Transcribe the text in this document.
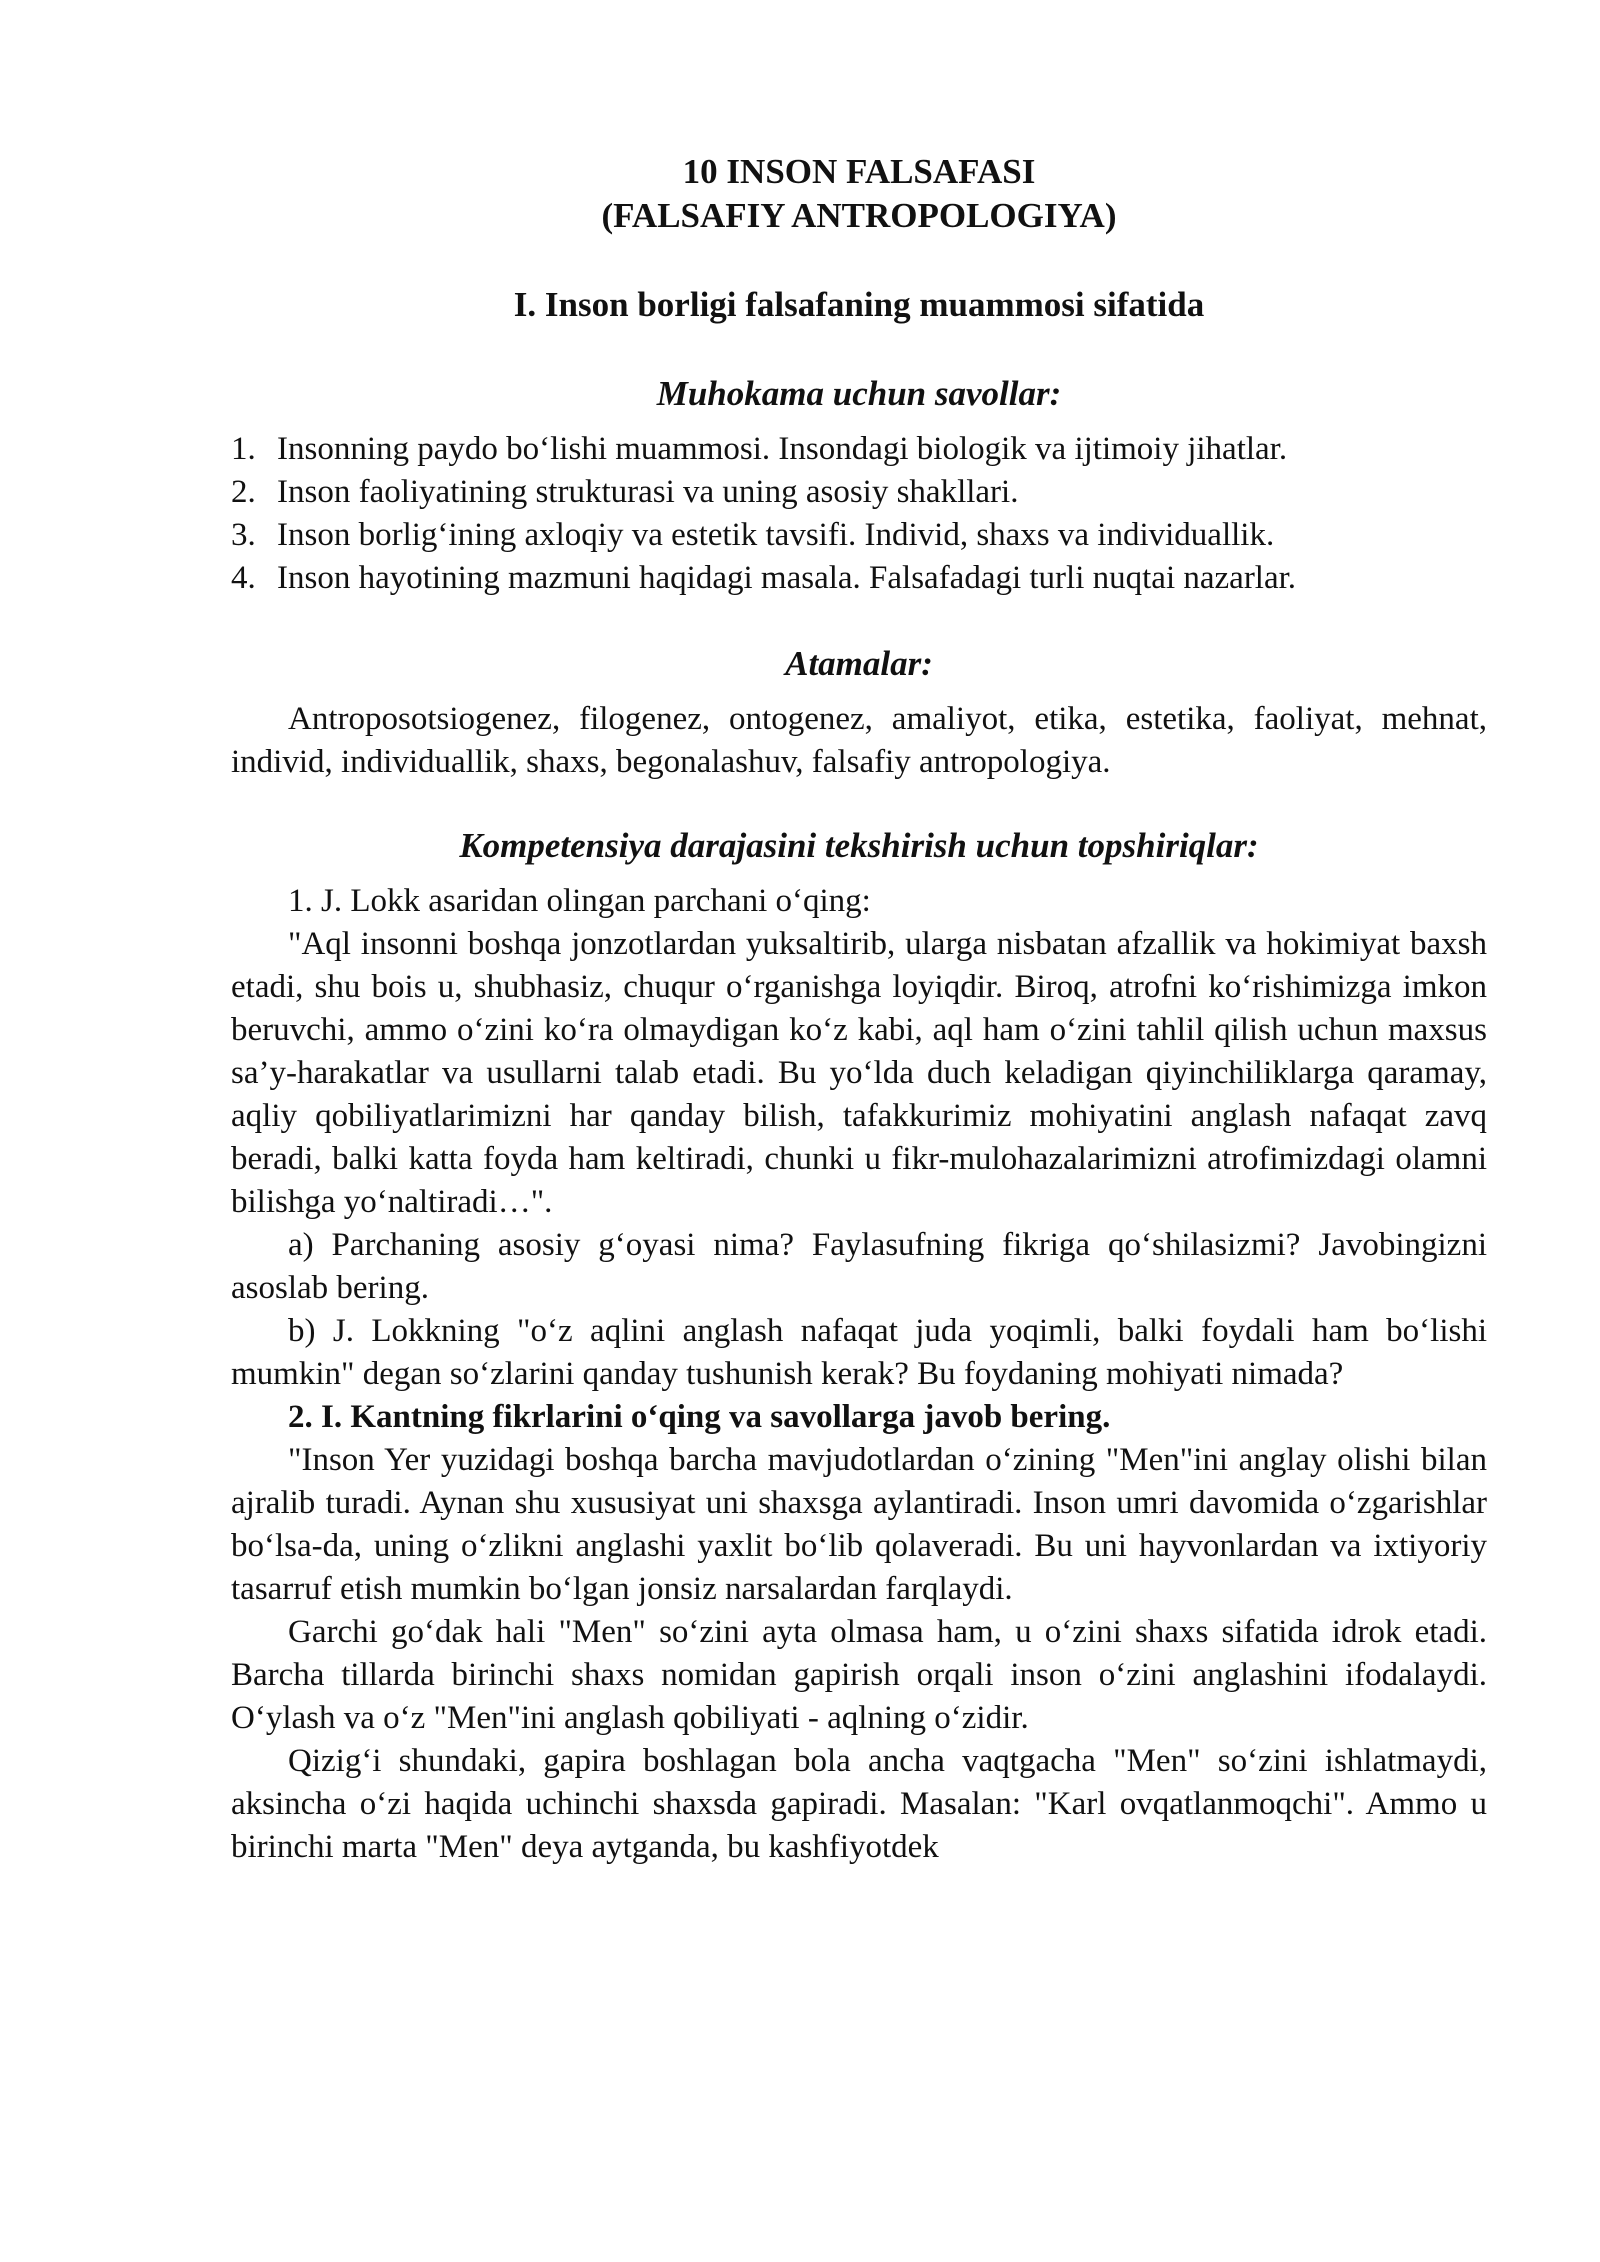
10 INSON FALSAFASI
(FALSAFIY ANTROPOLOGIYA)
I. Inson borligi falsafaning muammosi sifatida
Muhokama uchun savollar:
1. Insonning paydo bo‘lishi muammosi. Insondagi biologik va ijtimoiy jihatlar.
2. Inson faoliyatining strukturasi va uning asosiy shakllari.
3. Inson borlig‘ining axloqiy va estetik tavsifi. Individ, shaxs va individuallik.
4. Inson hayotining mazmuni haqidagi masala. Falsafadagi turli nuqtai nazarlar.
Atamalar:

Antroposotsiogenez, filogenez, ontogenez, amaliyot, etika, estetika, faoliyat, mehnat, individ, individuallik, shaxs, begonalashuv, falsafiy antropologiya.

Kompetensiya darajasini tekshirish uchun topshiriqlar:

1. J. Lokk asaridan olingan parchani o‘qing:

"Aql insonni boshqa jonzotlardan yuksaltirib, ularga nisbatan afzallik va hokimiyat baxsh etadi, shu bois u, shubhasiz, chuqur o‘rganishga loyiqdir. Biroq, atrofni ko‘rishimizga imkon beruvchi, ammo o‘zini ko‘ra olmaydigan ko‘z kabi, aql ham o‘zini tahlil qilish uchun maxsus sa’y-harakatlar va usullarni talab etadi. Bu yo‘lda duch keladigan qiyinchiliklarga qaramay, aqliy qobiliyatlarimizni har qanday bilish, tafakkurimiz mohiyatini anglash nafaqat zavq beradi, balki katta foyda ham keltiradi, chunki u fikr-mulohazalarimizni atrofimizdagi olamni bilishga yo‘naltiradi…".

a) Parchaning asosiy g‘oyasi nima? Faylasufning fikriga qo‘shilasizmi? Javobingizni asoslab bering.

b) J. Lokkning "o‘z aqlini anglash nafaqat juda yoqimli, balki foydali ham bo‘lishi mumkin" degan so‘zlarini qanday tushunish kerak? Bu foydaning mohiyati nimada?

2. I. Kantning fikrlarini o‘qing va savollarga javob bering.

"Inson Yer yuzidagi boshqa barcha mavjudotlardan o‘zining "Men"ini anglay olishi bilan ajralib turadi. Aynan shu xususiyat uni shaxsga aylantiradi. Inson umri davomida o‘zgarishlar bo‘lsa-da, uning o‘zlikni anglashi yaxlit bo‘lib qolaveradi. Bu uni hayvonlardan va ixtiyoriy tasarruf etish mumkin bo‘lgan jonsiz narsalardan farqlaydi.

Garchi go‘dak hali "Men" so‘zini ayta olmasa ham, u o‘zini shaxs sifatida idrok etadi. Barcha tillarda birinchi shaxs nomidan gapirish orqali inson o‘zini anglashini ifodalaydi. O‘ylash va o‘z "Men"ini anglash qobiliyati - aqlning o‘zidir.

Qizig‘i shundaki, gapira boshlagan bola ancha vaqtgacha "Men" so‘zini ishlatmaydi, aksincha o‘zi haqida uchinchi shaxsda gapiradi. Masalan: "Karl ovqatlanmoqchi". Ammo u birinchi marta "Men" deya aytganda, bu kashfiyotdek
